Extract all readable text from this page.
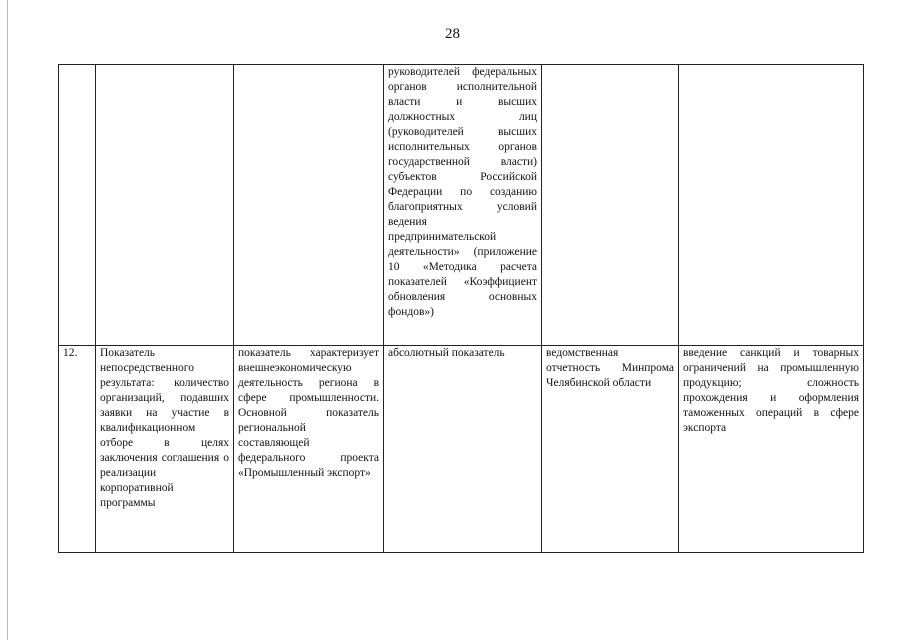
28
			руководителей федеральных органов исполнительной власти и высших должностных лиц (руководителей высших исполнительных органов государственной власти) субъектов Российской Федерации по созданию благоприятных условий ведения предпринимательской деятельности» (приложение 10 «Методика расчета показателей «Коэффициент обновления основных фондов»)		
12.	Показатель непосредственного результата: количество организаций, подавших заявки на участие в квалификационном отборе в целях заключения соглашения о реализации корпоративной программы	показатель характеризует внешнеэкономическую деятельность региона в сфере промышленности. Основной показатель региональной составляющей федерального проекта «Промышленный экспорт»	абсолютный показатель	ведомственная отчетность Минпрома Челябинской области	введение санкций и товарных ограничений на промышленную продукцию; сложность прохождения и оформления таможенных операций в сфере экспорта
